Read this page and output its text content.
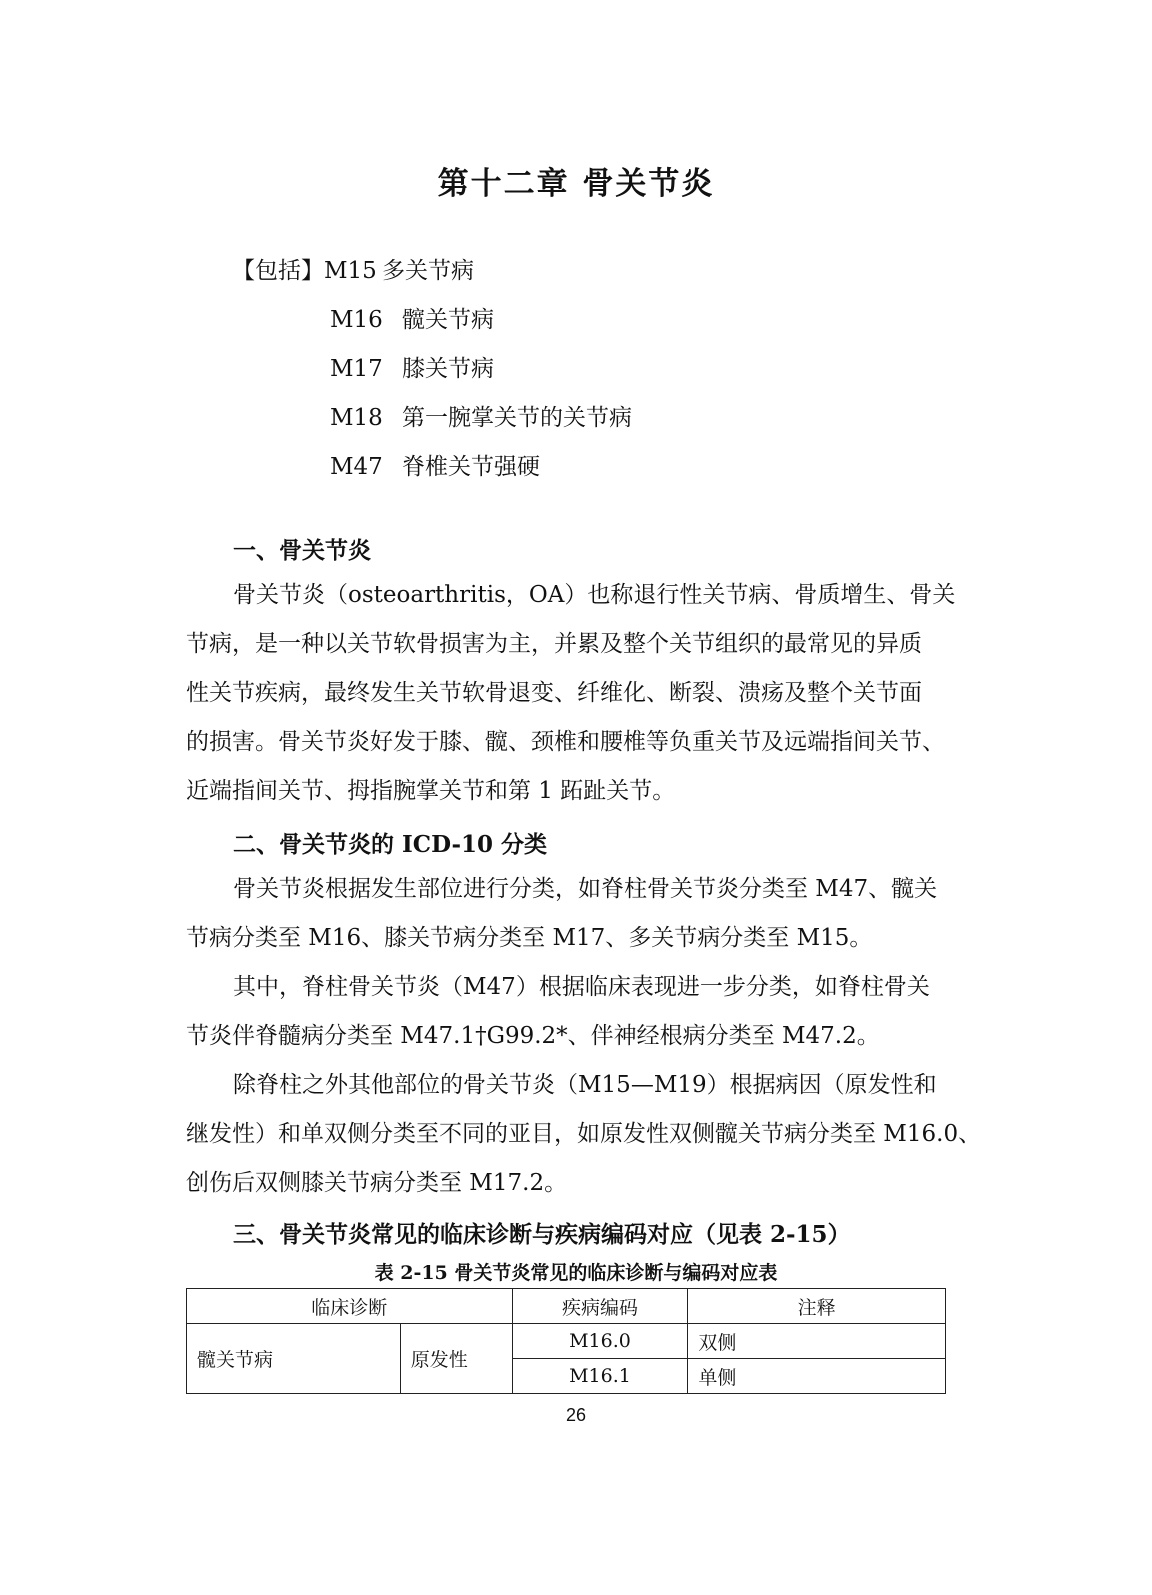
第十二章 骨关节炎
【包括】M15 多关节病
M16 髋关节病
M17 膝关节病
M18 第一腕掌关节的关节病
M47 脊椎关节强硬
一、骨关节炎
骨关节炎（osteoarthritis，OA）也称退行性关节病、骨质增生、骨关
节病，是一种以关节软骨损害为主，并累及整个关节组织的最常见的异质
性关节疾病，最终发生关节软骨退变、纤维化、断裂、溃疡及整个关节面
的损害。骨关节炎好发于膝、髋、颈椎和腰椎等负重关节及远端指间关节、
近端指间关节、拇指腕掌关节和第 1 跖趾关节。
二、骨关节炎的 ICD-10 分类
骨关节炎根据发生部位进行分类，如脊柱骨关节炎分类至 M47、髋关
节病分类至 M16、膝关节病分类至 M17、多关节病分类至 M15。
其中，脊柱骨关节炎（M47）根据临床表现进一步分类，如脊柱骨关
节炎伴脊髓病分类至 M47.1†G99.2*、伴神经根病分类至 M47.2。
除脊柱之外其他部位的骨关节炎（M15—M19）根据病因（原发性和
继发性）和单双侧分类至不同的亚目，如原发性双侧髋关节病分类至 M16.0、
创伤后双侧膝关节病分类至 M17.2。
三、骨关节炎常见的临床诊断与疾病编码对应（见表 2-15）
表 2-15 骨关节炎常见的临床诊断与编码对应表
临床诊断		疾病编码	注释
髋关节病	原发性	M16.0	双侧
		M16.1	单侧
26
